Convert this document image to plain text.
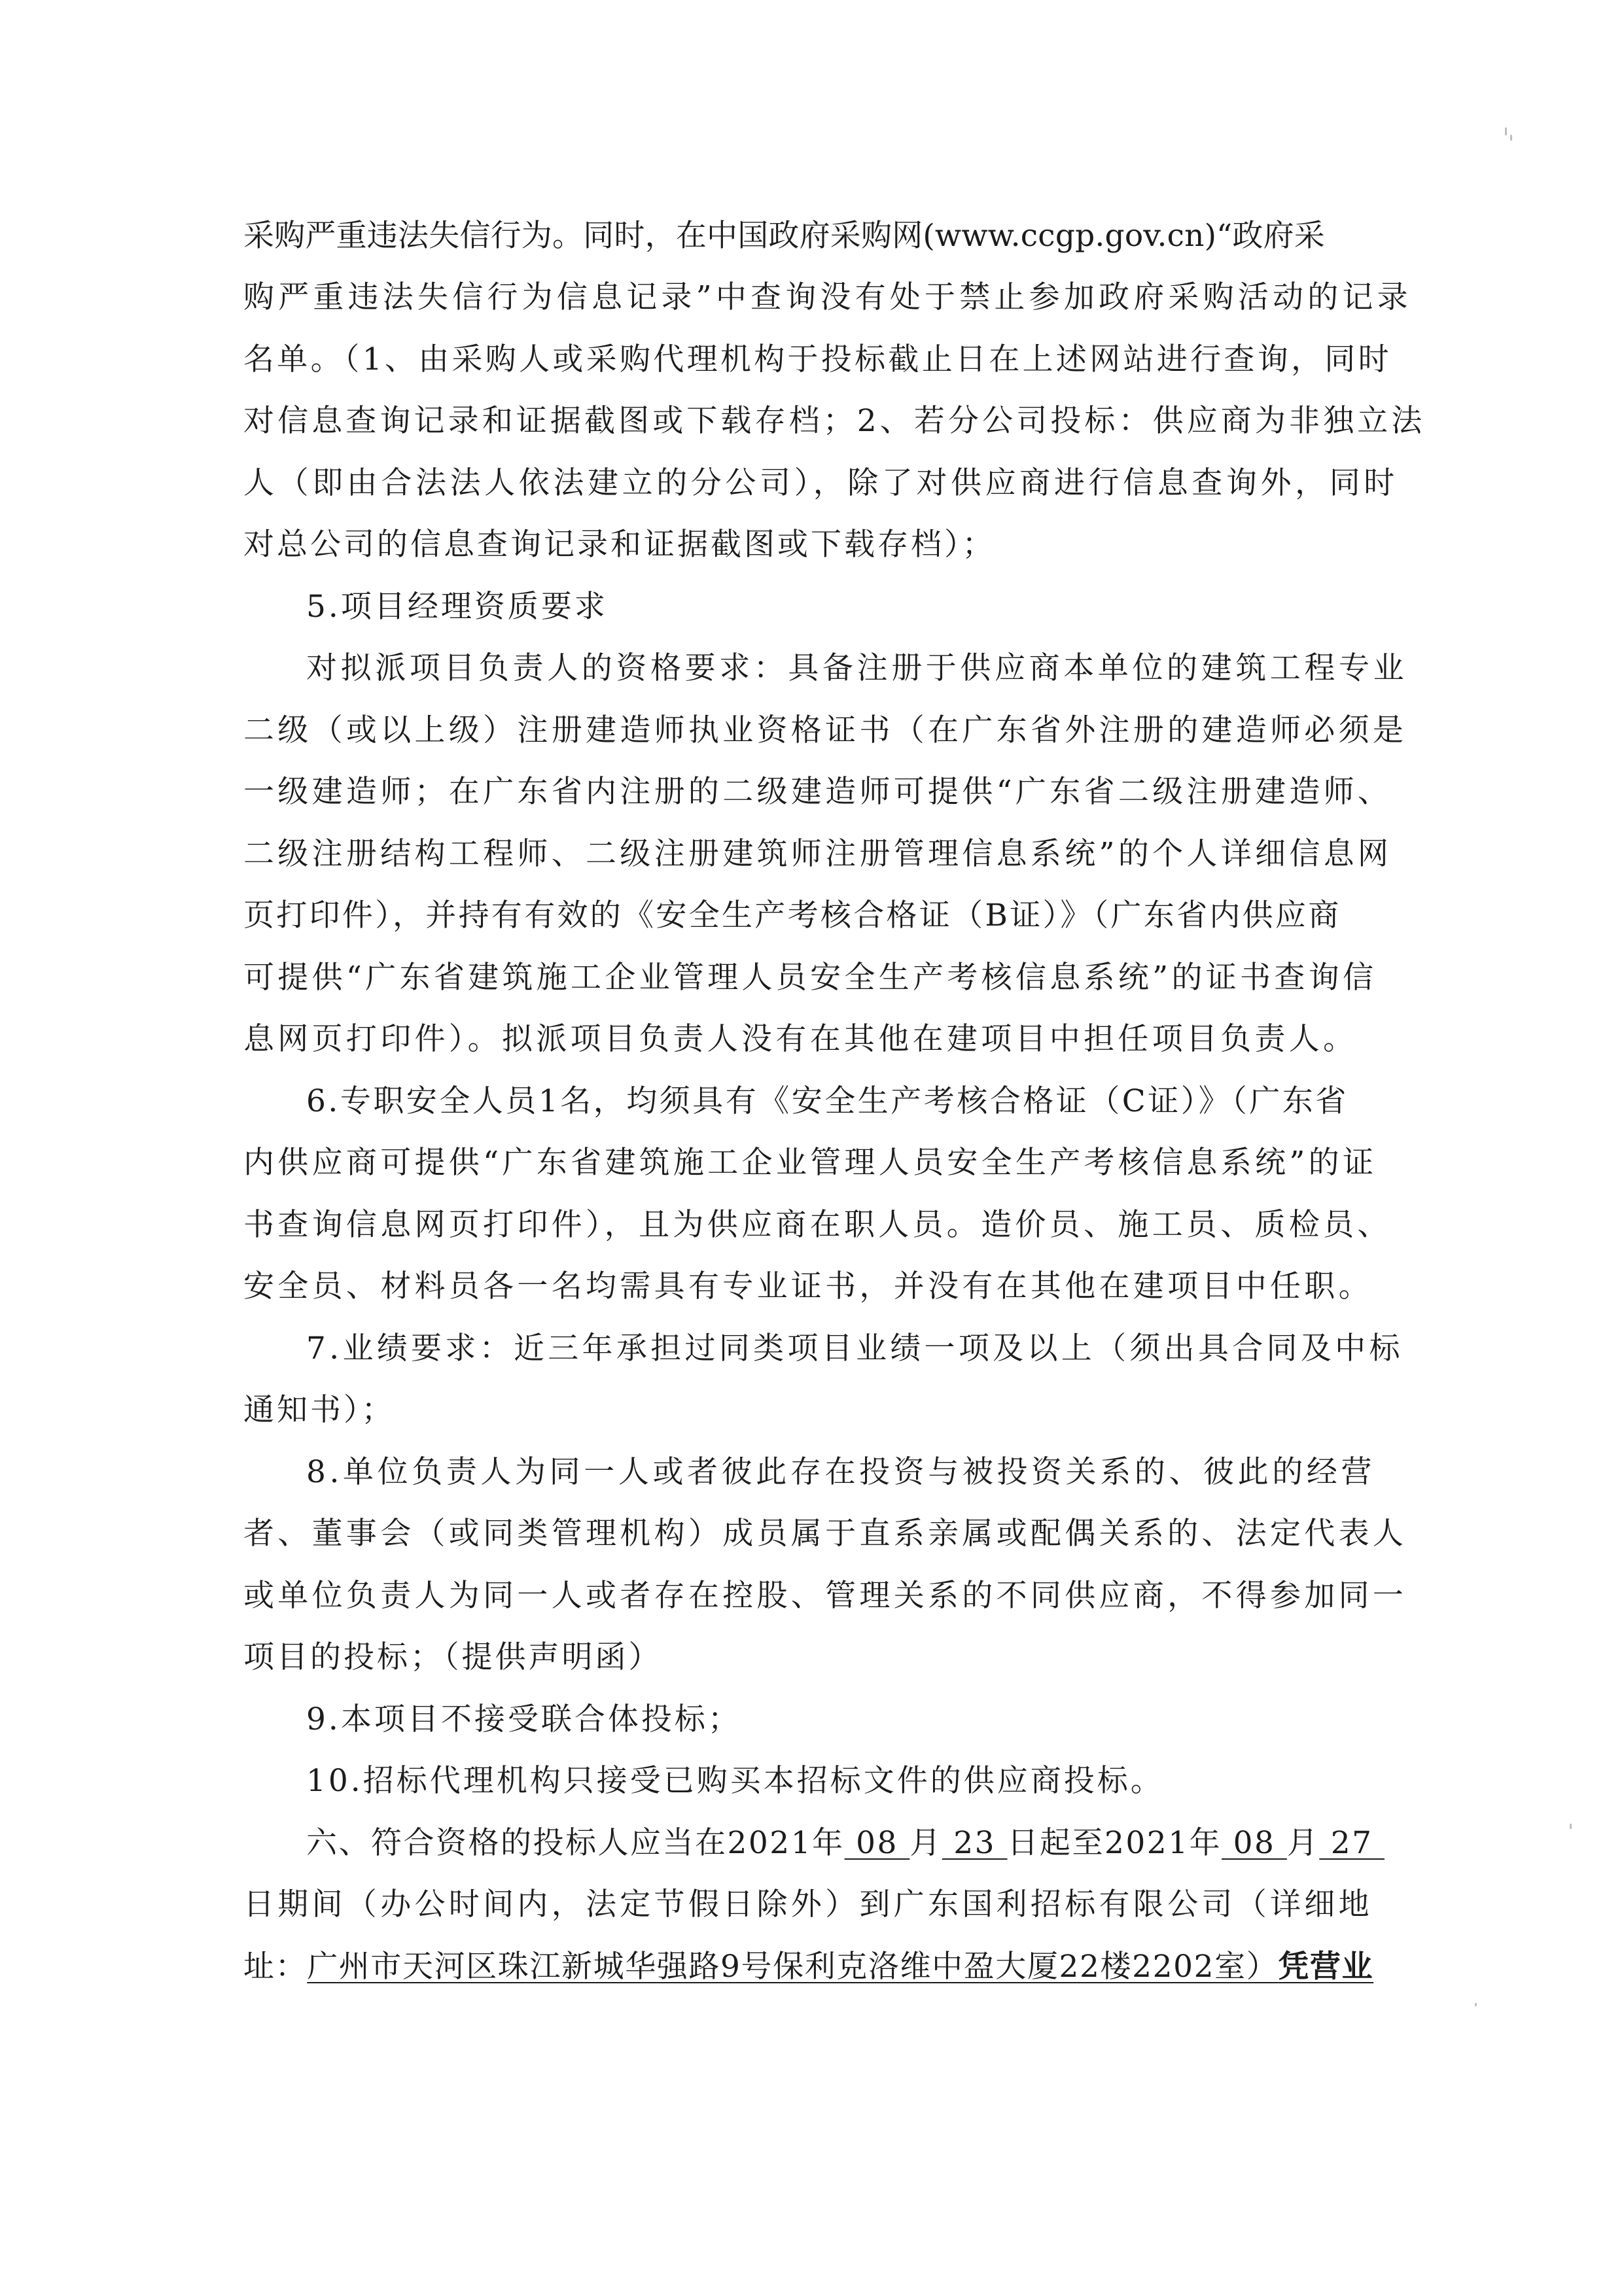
采购严重违法失信行为。同时，在中国政府采购网(www.ccgp.gov.cn)“政府采
购严重违法失信行为信息记录”中查询没有处于禁止参加政府采购活动的记录
名单。（1、由采购人或采购代理机构于投标截止日在上述网站进行查询，同时
对信息查询记录和证据截图或下载存档；2、若分公司投标：供应商为非独立法
人（即由合法法人依法建立的分公司），除了对供应商进行信息查询外，同时
对总公司的信息查询记录和证据截图或下载存档）；
5.项目经理资质要求
对拟派项目负责人的资格要求：具备注册于供应商本单位的建筑工程专业
二级（或以上级）注册建造师执业资格证书（在广东省外注册的建造师必须是
一级建造师；在广东省内注册的二级建造师可提供“广东省二级注册建造师、
二级注册结构工程师、二级注册建筑师注册管理信息系统”的个人详细信息网
页打印件），并持有有效的《安全生产考核合格证（B证）》（广东省内供应商
可提供“广东省建筑施工企业管理人员安全生产考核信息系统”的证书查询信
息网页打印件）。拟派项目负责人没有在其他在建项目中担任项目负责人。
6.专职安全人员1名，均须具有《安全生产考核合格证（C证）》（广东省
内供应商可提供“广东省建筑施工企业管理人员安全生产考核信息系统”的证
书查询信息网页打印件），且为供应商在职人员。造价员、施工员、质检员、
安全员、材料员各一名均需具有专业证书，并没有在其他在建项目中任职。
7.业绩要求：近三年承担过同类项目业绩一项及以上（须出具合同及中标
通知书）；
8.单位负责人为同一人或者彼此存在投资与被投资关系的、彼此的经营
者、董事会（或同类管理机构）成员属于直系亲属或配偶关系的、法定代表人
或单位负责人为同一人或者存在控股、管理关系的不同供应商，不得参加同一
项目的投标；（提供声明函）
9.本项目不接受联合体投标；
10.招标代理机构只接受已购买本招标文件的供应商投标。
六、符合资格的投标人应当在2021年 08 月 23 日起至2021年 08 月 27
日期间（办公时间内，法定节假日除外）到广东国利招标有限公司（详细地
址：广州市天河区珠江新城华强路9号保利克洛维中盈大厦22楼2202室）凭营业
